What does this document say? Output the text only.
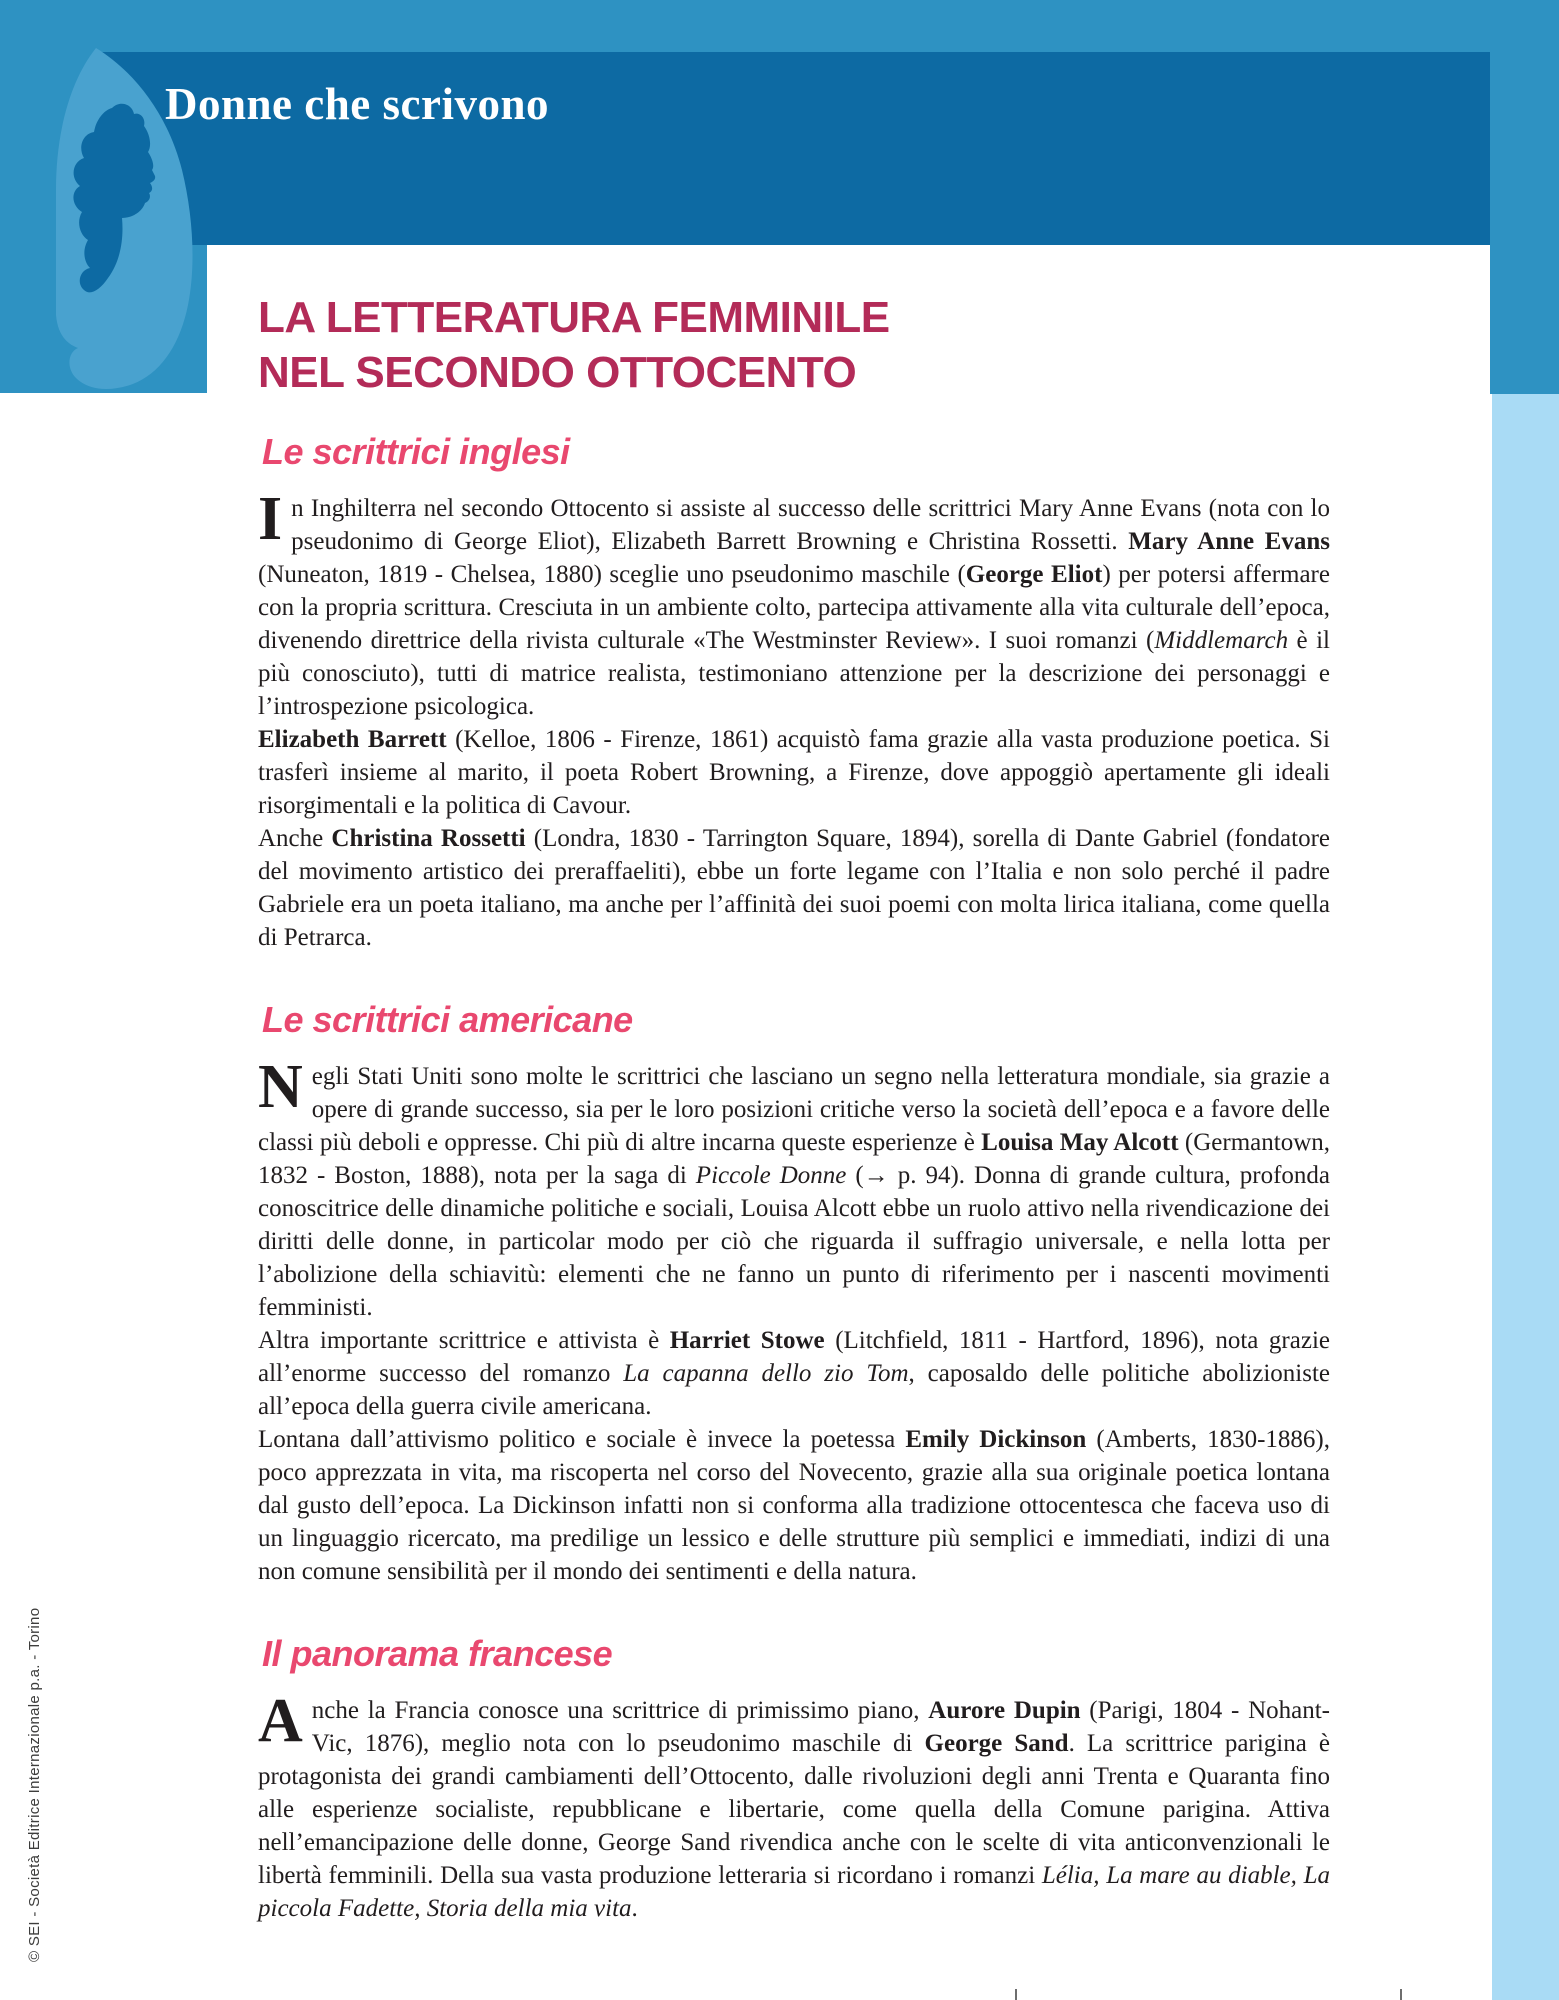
Donne che scrivono
LA LETTERATURA FEMMINILE
NEL SECONDO OTTOCENTO
Le scrittrici inglesi

In Inghilterra nel secondo Ottocento si assiste al successo delle scrittrici Mary Anne Evans (nota con lo pseudonimo di George Eliot), Elizabeth Barrett Browning e Christina Rossetti. Mary Anne Evans (Nuneaton, 1819 - Chelsea, 1880) sceglie uno pseudonimo maschile (George Eliot) per potersi affermare con la propria scrittura. Cresciuta in un ambiente colto, partecipa attivamente alla vita culturale dell’epoca, divenendo direttrice della rivista culturale «The Westminster Review». I suoi romanzi (Middlemarch è il più conosciuto), tutti di matrice realista, testimoniano attenzione per la descrizione dei personaggi e l’introspezione psicologica.

Elizabeth Barrett (Kelloe, 1806 - Firenze, 1861) acquistò fama grazie alla vasta produzione poetica. Si trasferì insieme al marito, il poeta Robert Browning, a Firenze, dove appoggiò apertamente gli ideali risorgimentali e la politica di Cavour.

Anche Christina Rossetti (Londra, 1830 - Tarrington Square, 1894), sorella di Dante Gabriel (fondatore del movimento artistico dei preraffaeliti), ebbe un forte legame con l’Italia e non solo perché il padre Gabriele era un poeta italiano, ma anche per l’affinità dei suoi poemi con molta lirica italiana, come quella di Petrarca.

Le scrittrici americane

Negli Stati Uniti sono molte le scrittrici che lasciano un segno nella letteratura mondiale, sia grazie a opere di grande successo, sia per le loro posizioni critiche verso la società dell’epoca e a favore delle classi più deboli e oppresse. Chi più di altre incarna queste esperienze è Louisa May Alcott (Germantown, 1832 - Boston, 1888), nota per la saga di Piccole Donne (→ p. 94). Donna di grande cultura, profonda conoscitrice delle dinamiche politiche e sociali, Louisa Alcott ebbe un ruolo attivo nella rivendicazione dei diritti delle donne, in particolar modo per ciò che riguarda il suffragio universale, e nella lotta per l’abolizione della schiavitù: elementi che ne fanno un punto di riferimento per i nascenti movimenti femministi.

Altra importante scrittrice e attivista è Harriet Stowe (Litchfield, 1811 - Hartford, 1896), nota grazie all’enorme successo del romanzo La capanna dello zio Tom, caposaldo delle politiche abolizioniste all’epoca della guerra civile americana.

Lontana dall’attivismo politico e sociale è invece la poetessa Emily Dickinson (Amberts, 1830-1886), poco apprezzata in vita, ma riscoperta nel corso del Novecento, grazie alla sua originale poetica lontana dal gusto dell’epoca. La Dickinson infatti non si conforma alla tradizione ottocentesca che faceva uso di un linguaggio ricercato, ma predilige un lessico e delle strutture più semplici e immediati, indizi di una non comune sensibilità per il mondo dei sentimenti e della natura.

Il panorama francese

Anche la Francia conosce una scrittrice di primissimo piano, Aurore Dupin (Parigi, 1804 - Nohant-Vic, 1876), meglio nota con lo pseudonimo maschile di George Sand. La scrittrice parigina è protagonista dei grandi cambiamenti dell’Ottocento, dalle rivoluzioni degli anni Trenta e Quaranta fino alle esperienze socialiste, repubblicane e libertarie, come quella della Comune parigina. Attiva nell’emancipazione delle donne, George Sand rivendica anche con le scelte di vita anticonvenzionali le libertà femminili. Della sua vasta produzione letteraria si ricordano i romanzi Lélia, La mare au diable, La piccola Fadette, Storia della mia vita.

© SEI - Società Editrice Internazionale p.a. - Torino
